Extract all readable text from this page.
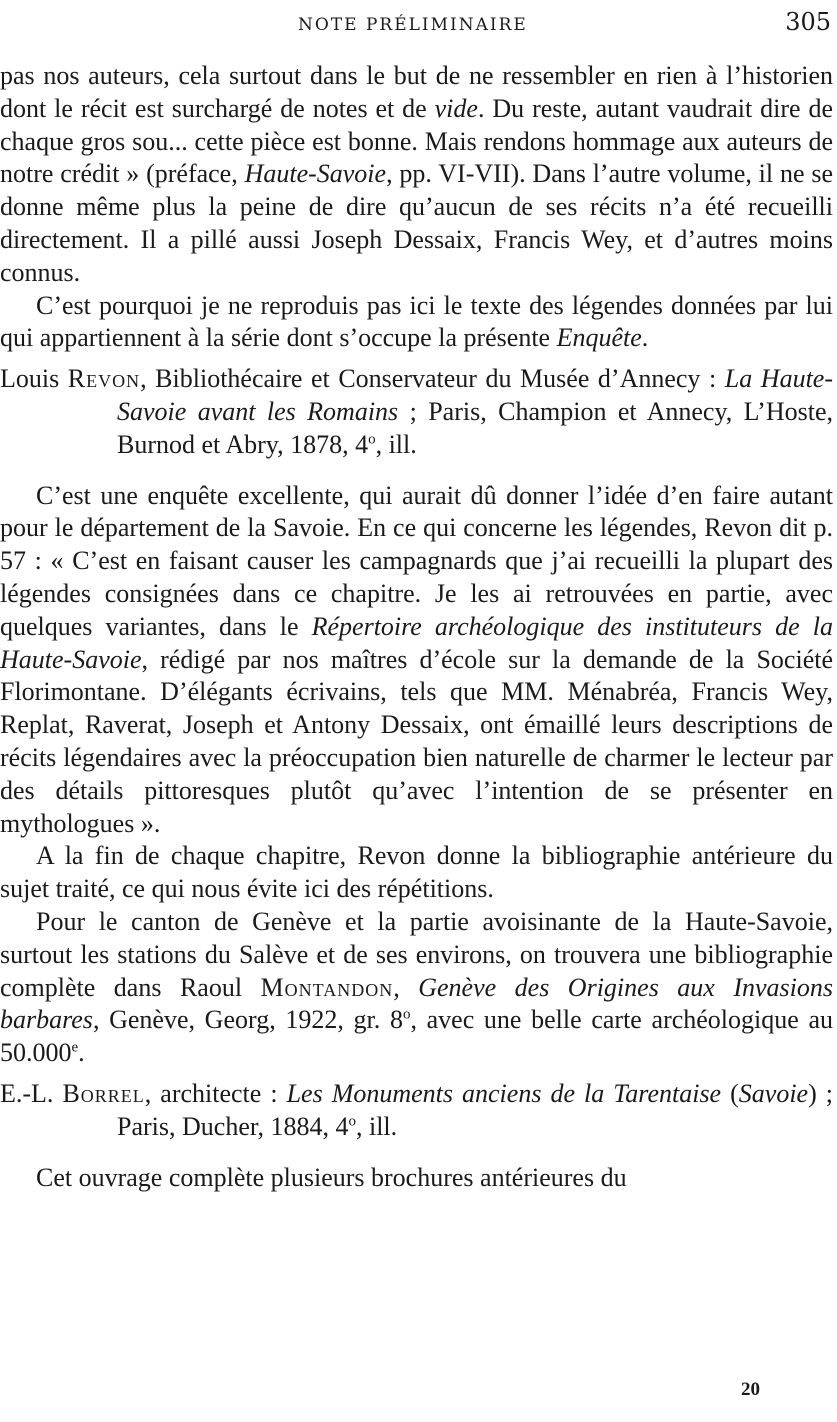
NOTE PRÉLIMINAIRE	305

pas nos auteurs, cela surtout dans le but de ne ressembler en rien à l’historien dont le récit est surchargé de notes et de vide. Du reste, autant vaudrait dire de chaque gros sou... cette pièce est bonne. Mais rendons hommage aux auteurs de notre crédit » (préface, Haute-Savoie, pp. VI-VII). Dans l’autre volume, il ne se donne même plus la peine de dire qu’aucun de ses récits n’a été recueilli directement. Il a pillé aussi Joseph Dessaix, Francis Wey, et d’autres moins connus.

C’est pourquoi je ne reproduis pas ici le texte des légendes données par lui qui appartiennent à la série dont s’occupe la présente Enquête.

Louis Revon, Bibliothécaire et Conservateur du Musée d’Annecy : La Haute-Savoie avant les Romains ; Paris, Champion et Annecy, L’Hoste, Burnod et Abry, 1878, 4$^o$, ill.

C’est une enquête excellente, qui aurait dû donner l’idée d’en faire autant pour le département de la Savoie. En ce qui concerne les légendes, Revon dit p. 57 : « C’est en faisant causer les campagnards que j’ai recueilli la plupart des légendes consignées dans ce chapitre. Je les ai retrouvées en partie, avec quelques variantes, dans le Répertoire archéologique des instituteurs de la Haute-Savoie, rédigé par nos maîtres d’école sur la demande de la Société Florimontane. D’élégants écrivains, tels que MM. Ménabréa, Francis Wey, Replat, Raverat, Joseph et Antony Dessaix, ont émaillé leurs descriptions de récits légendaires avec la préoccupation bien naturelle de charmer le lecteur par des détails pittoresques plutôt qu’avec l’intention de se présenter en mythologues ».

A la fin de chaque chapitre, Revon donne la bibliographie antérieure du sujet traité, ce qui nous évite ici des répétitions.

Pour le canton de Genève et la partie avoisinante de la Haute-Savoie, surtout les stations du Salève et de ses environs, on trouvera une bibliographie complète dans Raoul Montandon, Genève des Origines aux Invasions barbares, Genève, Georg, 1922, gr. 8$^o$, avec une belle carte archéologique au 50.000e.

E.-L. Borrel, architecte : Les Monuments anciens de la Tarentaise (Savoie) ; Paris, Ducher, 1884, 4$^o$, ill.

Cet ouvrage complète plusieurs brochures antérieures du

20
